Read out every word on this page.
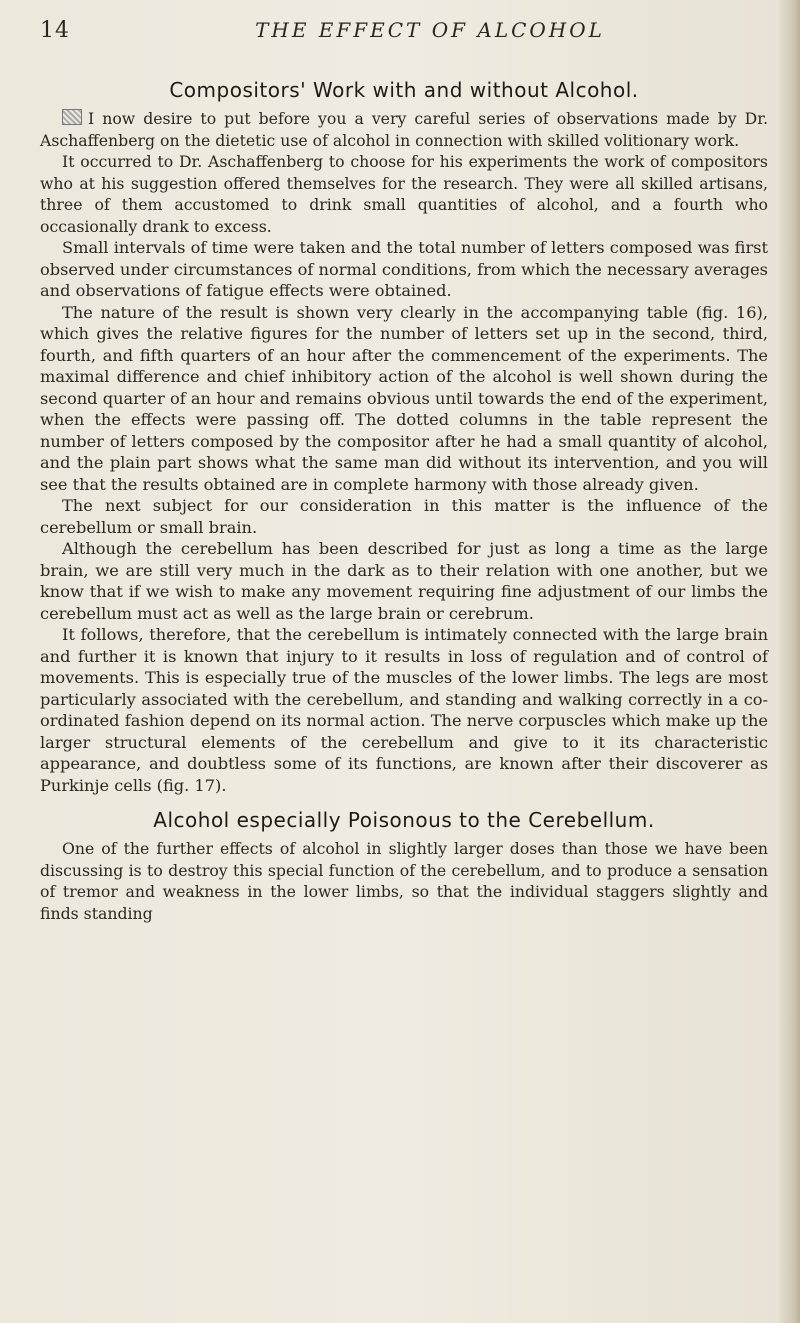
14	THE EFFECT OF ALCOHOL
Compositors' Work with and without Alcohol.

I now desire to put before you a very careful series of observations made by Dr. Aschaffenberg on the dietetic use of alcohol in connection with skilled volitionary work.

It occurred to Dr. Aschaffenberg to choose for his experiments the work of compositors who at his suggestion offered themselves for the research. They were all skilled artisans, three of them accustomed to drink small quantities of alcohol, and a fourth who occasionally drank to excess.

Small intervals of time were taken and the total number of letters composed was first observed under circumstances of normal conditions, from which the necessary averages and observations of fatigue effects were obtained.

The nature of the result is shown very clearly in the accompanying table (fig. 16), which gives the relative figures for the number of letters set up in the second, third, fourth, and fifth quarters of an hour after the commencement of the experiments. The maximal difference and chief inhibitory action of the alcohol is well shown during the second quarter of an hour and remains obvious until towards the end of the experiment, when the effects were passing off. The dotted columns in the table represent the number of letters composed by the compositor after he had a small quantity of alcohol, and the plain part shows what the same man did without its intervention, and you will see that the results obtained are in complete harmony with those already given.

The next subject for our consideration in this matter is the influence of the cerebellum or small brain.

Although the cerebellum has been described for just as long a time as the large brain, we are still very much in the dark as to their relation with one another, but we know that if we wish to make any movement requiring fine adjustment of our limbs the cerebellum must act as well as the large brain or cerebrum.

It follows, therefore, that the cerebellum is intimately connected with the large brain and further it is known that injury to it results in loss of regulation and of control of movements. This is especially true of the muscles of the lower limbs. The legs are most particularly associated with the cerebellum, and standing and walking correctly in a co-ordinated fashion depend on its normal action. The nerve corpuscles which make up the larger structural elements of the cerebellum and give to it its characteristic appearance, and doubtless some of its functions, are known after their discoverer as Purkinje cells (fig. 17).

Alcohol especially Poisonous to the Cerebellum.

One of the further effects of alcohol in slightly larger doses than those we have been discussing is to destroy this special function of the cerebellum, and to produce a sensation of tremor and weakness in the lower limbs, so that the individual staggers slightly and finds standing
